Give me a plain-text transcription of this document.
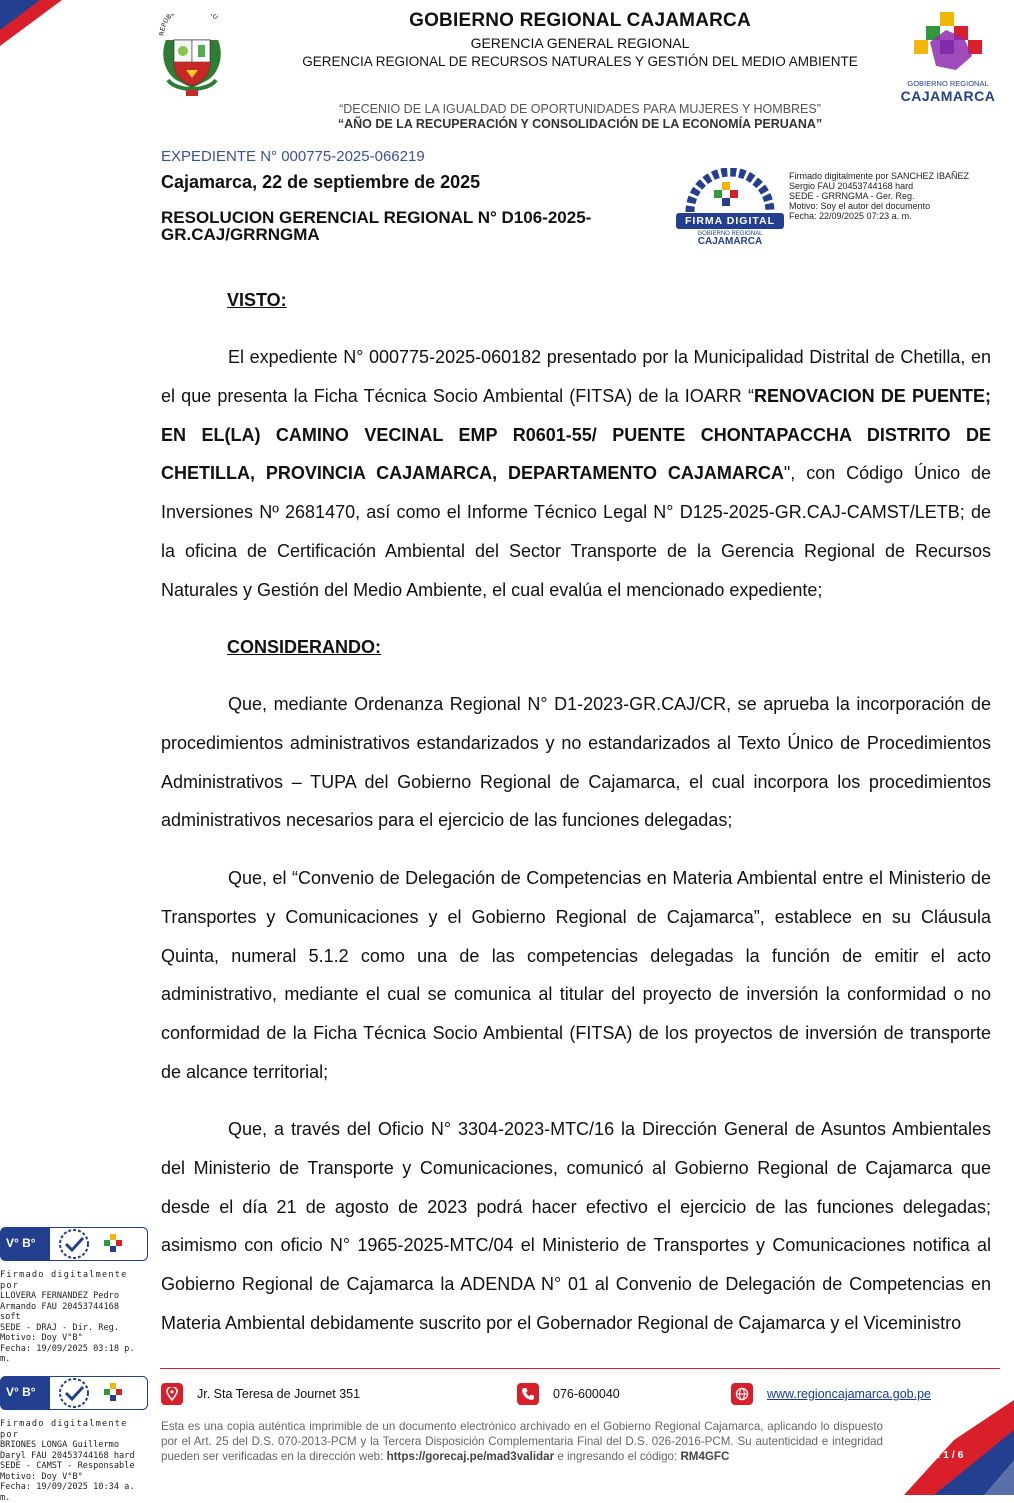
REPÚB Ú	GOBIERNO REGIONAL CAJAMARCA
GERENCIA GENERAL REGIONAL
GERENCIA REGIONAL DE RECURSOS NATURALES Y GESTIÓN DEL MEDIO AMBIENTE
GOBIERNO REGIONAL
CAJAMARCA
“DECENIO DE LA IGUALDAD DE OPORTUNIDADES PARA MUJERES Y HOMBRES”
“AÑO DE LA RECUPERACIÓN Y CONSOLIDACIÓN DE LA ECONOMÍA PERUANA”
EXPEDIENTE N° 000775-2025-066219
Cajamarca, 22 de septiembre de 2025
RESOLUCION GERENCIAL REGIONAL N° D106-2025-GR.CAJ/GRRNGMA
FIRMA DIGITAL
GOBIERNO REGIONAL
CAJAMARCA
Firmado digitalmente por SANCHEZ IBAÑEZ
Sergio FAU 20453744168 hard
SEDE - GRRNGMA - Ger. Reg.
Motivo: Soy el autor del documento
Fecha: 22/09/2025 07:23 a. m.
VISTO:
El expediente N° 000775-2025-060182 presentado por la Municipalidad Distrital de Chetilla, en el que presenta la Ficha Técnica Socio Ambiental (FITSA) de la IOARR “RENOVACION DE PUENTE; EN EL(LA) CAMINO VECINAL EMP R0601-55/ PUENTE CHONTAPACCHA DISTRITO DE CHETILLA, PROVINCIA CAJAMARCA, DEPARTAMENTO CAJAMARCA", con Código Único de Inversiones Nº 2681470, así como el Informe Técnico Legal N° D125-2025-GR.CAJ-CAMST/LETB; de la oficina de Certificación Ambiental del Sector Transporte de la Gerencia Regional de Recursos Naturales y Gestión del Medio Ambiente, el cual evalúa el mencionado expediente;
CONSIDERANDO:
Que, mediante Ordenanza Regional N° D1-2023-GR.CAJ/CR, se aprueba la incorporación de procedimientos administrativos estandarizados y no estandarizados al Texto Único de Procedimientos Administrativos – TUPA del Gobierno Regional de Cajamarca, el cual incorpora los procedimientos administrativos necesarios para el ejercicio de las funciones delegadas;
Que, el “Convenio de Delegación de Competencias en Materia Ambiental entre el Ministerio de Transportes y Comunicaciones y el Gobierno Regional de Cajamarca”, establece en su Cláusula Quinta, numeral 5.1.2 como una de las competencias delegadas la función de emitir el acto administrativo, mediante el cual se comunica al titular del proyecto de inversión la conformidad o no conformidad de la Ficha Técnica Socio Ambiental (FITSA) de los proyectos de inversión de transporte de alcance territorial;
Que, a través del Oficio N° 3304-2023-MTC/16 la Dirección General de Asuntos Ambientales del Ministerio de Transporte y Comunicaciones, comunicó al Gobierno Regional de Cajamarca que desde el día 21 de agosto de 2023 podrá hacer efectivo el ejercicio de las funciones delegadas; asimismo con oficio N° 1965-2025-MTC/04 el Ministerio de Transportes y Comunicaciones notifica al Gobierno Regional de Cajamarca la ADENDA N° 01 al Convenio de Delegación de Competencias en Materia Ambiental debidamente suscrito por el Gobernador Regional de Cajamarca y el Viceministro
V° B°
Firmado digitalmente por
LLOVERA FERNANDEZ Pedro
Armando FAU 20453744168
soft
SEDE - DRAJ - Dir. Reg.
Motivo: Doy V°B°
Fecha: 19/09/2025 03:18 p. m.
V° B°
Firmado digitalmente por
BRIONES LONGA Guillermo
Daryl FAU 20453744168 hard
SEDE - CAMST - Responsable
Motivo: Doy V°B°
Fecha: 19/09/2025 10:34 a. m.
Jr. Sta Teresa de Journet 351	076-600040	www.regioncajamarca.gob.pe
Esta es una copia auténtica imprimible de un documento electrónico archivado en el Gobierno Regional Cajamarca, aplicando lo dispuesto por el Art. 25 del D.S. 070-2013-PCM y la Tercera Disposición Complementaria Final del D.S. 026-2016-PCM. Su autenticidad e integridad pueden ser verificadas en la dirección web: https://gorecaj.pe/mad3validar e ingresando el código: RM4GFC	Pág. 1 / 6
